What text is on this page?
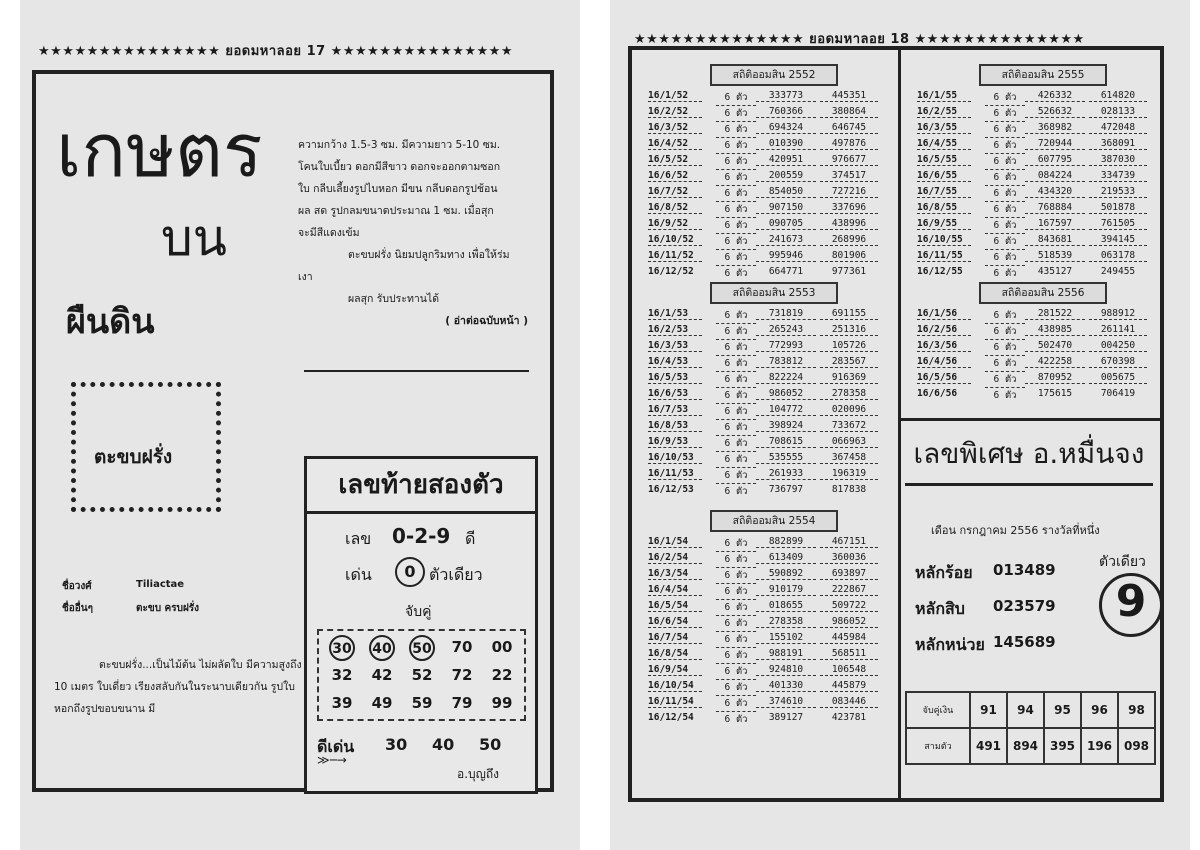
★★★★★★★★★★★★★★★ ยอดมหาลอย 17 ★★★★★★★★★★★★★★★
เกษตร
บน
ผืนดิน
ตะขบฝรั่ง
ความกว้าง 1.5-3 ซม. มีความยาว 5-10 ซม.
โคนใบเบี้ยว ดอกมีสีขาว ดอกจะออกตามซอก
ใบ กลีบเลี้ยงรูปไบหอก มีขน กลีบดอกรูปช้อน
ผล สด รูปกลมขนาดประมาณ 1 ซม. เมื่อสุก
จะมีสีแดงเข้ม
ตะขบฝรั่ง นิยมปลูกริมทาง เพื่อให้ร่ม
เงา
ผลสุก รับประทานได้
( อ่าต่อฉบับหน้า )
ชื่อวงศ์	Tiliactae
ชื่ออื่นๆ	ตะขบ ครบฝรั่ง
ตะขบฝรั่ง...เป็นไม้ต้น ไม่ผลัดใบ มีความสูงถึง 10 เมตร ใบเดี่ยว เรียงสลับกันในระนาบเดียวกัน รูปใบหอกถึงรูปขอบขนาน มี
เลขท้ายสองตัว
เลข 0-2-9 ดี
เด่น	0 ตัวเดียว
จับคู่
30 40 50	70	00
32	42	52	72	22
39	49	59	79	99
ดีเด่น
≫─→
30 40 50
อ.บุญถึง
★★★★★★★★★★★★★★ ยอดมหาลอย 18 ★★★★★★★★★★★★★★
สถิติออมสิน 2552
16/1/52	6 ตัว	333773	445351
16/2/52	6 ตัว	760366	380864
16/3/52	6 ตัว	694324	646745
16/4/52	6 ตัว	010390	497876
16/5/52	6 ตัว	420951	976677
16/6/52	6 ตัว	200559	374517
16/7/52	6 ตัว	854050	727216
16/8/52	6 ตัว	907150	337696
16/9/52	6 ตัว	090705	438996
16/10/52	6 ตัว	241673	268996
16/11/52	6 ตัว	995946	801906
16/12/52	6 ตัว	664771	977361
สถิติออมสิน 2553
16/1/53	6 ตัว	731819	691155
16/2/53	6 ตัว	265243	251316
16/3/53	6 ตัว	772993	105726
16/4/53	6 ตัว	783812	283567
16/5/53	6 ตัว	822224	916369
16/6/53	6 ตัว	986052	278358
16/7/53	6 ตัว	104772	020096
16/8/53	6 ตัว	398924	733672
16/9/53	6 ตัว	708615	066963
16/10/53	6 ตัว	535555	367458
16/11/53	6 ตัว	261933	196319
16/12/53	6 ตัว	736797	817838
สถิติออมสิน 2554
16/1/54	6 ตัว	882899	467151
16/2/54	6 ตัว	613409	360036
16/3/54	6 ตัว	590892	693897
16/4/54	6 ตัว	910179	222867
16/5/54	6 ตัว	018655	509722
16/6/54	6 ตัว	278358	986052
16/7/54	6 ตัว	155102	445984
16/8/54	6 ตัว	988191	568511
16/9/54	6 ตัว	924810	106548
16/10/54	6 ตัว	401330	445879
16/11/54	6 ตัว	374610	083446
16/12/54	6 ตัว	389127	423781
สถิติออมสิน 2555
16/1/55	6 ตัว	426332	614820
16/2/55	6 ตัว	526632	028133
16/3/55	6 ตัว	368982	472048
16/4/55	6 ตัว	720944	368091
16/5/55	6 ตัว	607795	387030
16/6/55	6 ตัว	084224	334739
16/7/55	6 ตัว	434320	219533
16/8/55	6 ตัว	768884	501878
16/9/55	6 ตัว	167597	761505
16/10/55	6 ตัว	843681	394145
16/11/55	6 ตัว	518539	063178
16/12/55	6 ตัว	435127	249455
สถิติออมสิน 2556
16/1/56	6 ตัว	281522	988912
16/2/56	6 ตัว	438985	261141
16/3/56	6 ตัว	502470	004250
16/4/56	6 ตัว	422258	670398
16/5/56	6 ตัว	870952	005675
16/6/56	6 ตัว	175615	706419
เลขพิเศษ อ.หมื่นจง
เดือน กรกฎาคม 2556 รางวัลที่หนึ่ง
ตัวเดียว
9
หลักร้อย 013489
หลักสิบ 023579
หลักหน่วย 145689
จับคู่เงิน	91	94	95	96	98
สามตัว	491	894	395	196	098
